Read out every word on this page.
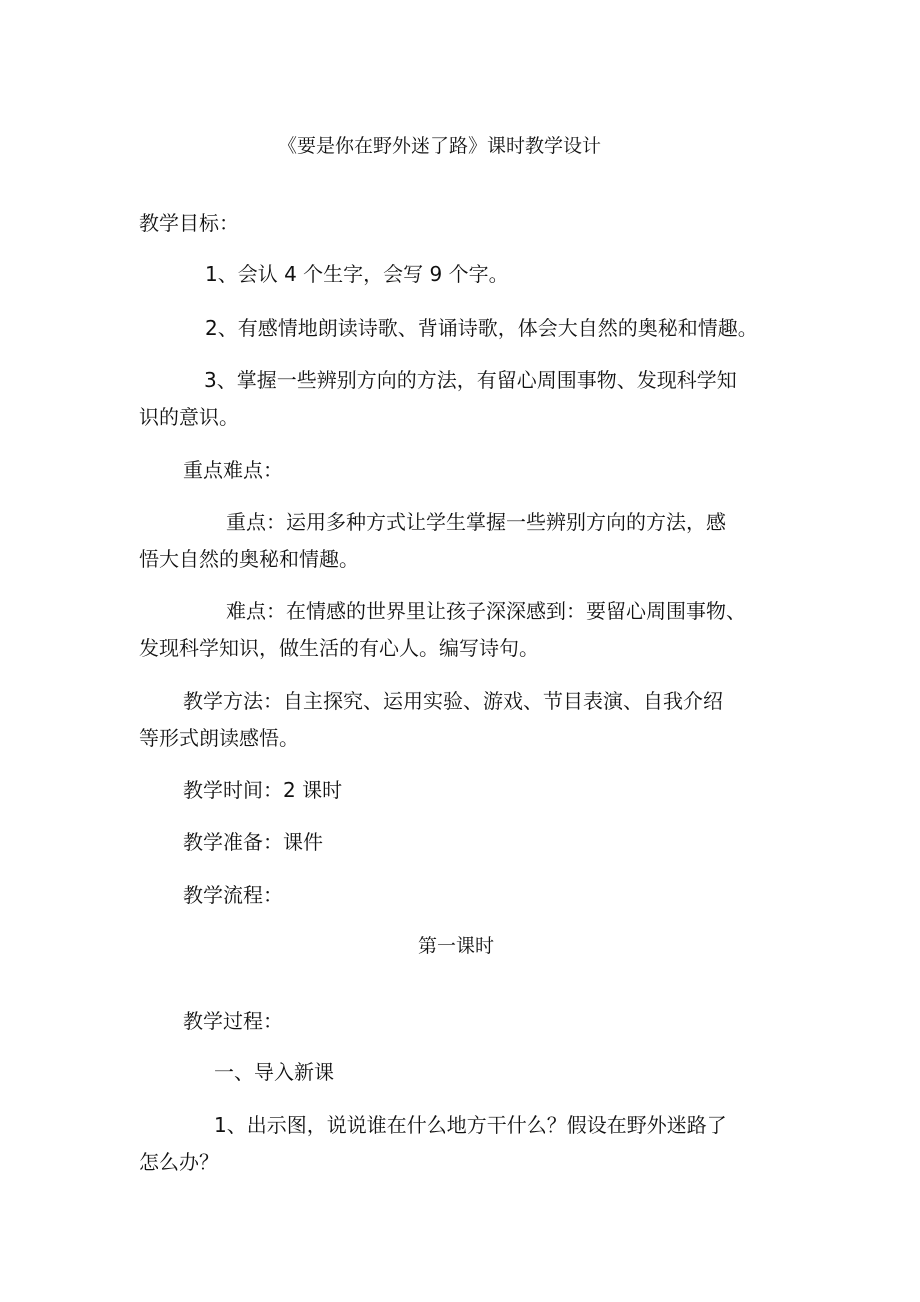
《要是你在野外迷了路》课时教学设计
教学目标：
1、会认 4 个生字，会写 9 个字。
2、有感情地朗读诗歌、背诵诗歌，体会大自然的奥秘和情趣。
3、掌握一些辨别方向的方法，有留心周围事物、发现科学知
识的意识。
重点难点：
重点：运用多种方式让学生掌握一些辨别方向的方法，感
悟大自然的奥秘和情趣。
难点：在情感的世界里让孩子深深感到：要留心周围事物、
发现科学知识，做生活的有心人。编写诗句。
教学方法：自主探究、运用实验、游戏、节目表演、自我介绍
等形式朗读感悟。
教学时间：2 课时
教学准备：课件
教学流程：
第一课时
教学过程：
一、导入新课
1、出示图，说说谁在什么地方干什么？假设在野外迷路了
怎么办？
